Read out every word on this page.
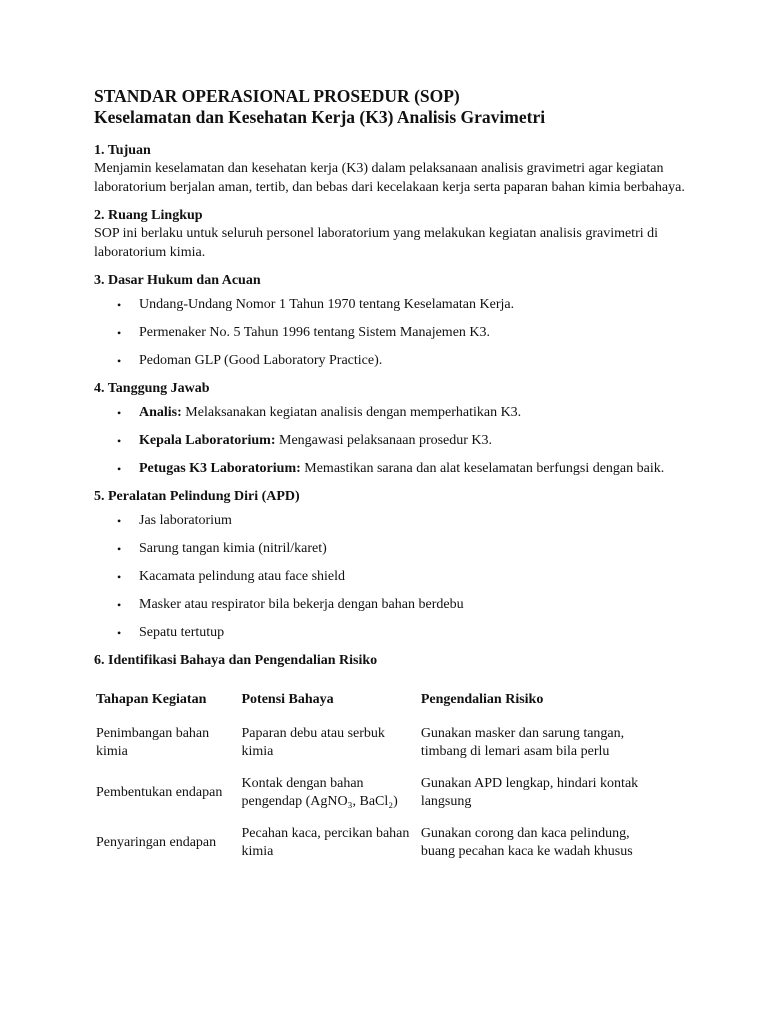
STANDAR OPERASIONAL PROSEDUR (SOP)
Keselamatan dan Kesehatan Kerja (K3) Analisis Gravimetri
1. Tujuan

Menjamin keselamatan dan kesehatan kerja (K3) dalam pelaksanaan analisis gravimetri agar kegiatan laboratorium berjalan aman, tertib, dan bebas dari kecelakaan kerja serta paparan bahan kimia berbahaya.

2. Ruang Lingkup

SOP ini berlaku untuk seluruh personel laboratorium yang melakukan kegiatan analisis gravimetri di laboratorium kimia.

3. Dasar Hukum dan Acuan
• Undang-Undang Nomor 1 Tahun 1970 tentang Keselamatan Kerja.
• Permenaker No. 5 Tahun 1996 tentang Sistem Manajemen K3.
• Pedoman GLP (Good Laboratory Practice).
4. Tanggung Jawab
• Analis: Melaksanakan kegiatan analisis dengan memperhatikan K3.
• Kepala Laboratorium: Mengawasi pelaksanaan prosedur K3.
• Petugas K3 Laboratorium: Memastikan sarana dan alat keselamatan berfungsi dengan baik.
5. Peralatan Pelindung Diri (APD)
• Jas laboratorium
• Sarung tangan kimia (nitril/karet)
• Kacamata pelindung atau face shield
• Masker atau respirator bila bekerja dengan bahan berdebu
• Sepatu tertutup
6. Identifikasi Bahaya dan Pengendalian Risiko
Tahapan Kegiatan	Potensi Bahaya	Pengendalian Risiko
Penimbangan bahan kimia	Paparan debu atau serbuk kimia	Gunakan masker dan sarung tangan, timbang di lemari asam bila perlu
Pembentukan endapan	Kontak dengan bahan pengendap (AgNO₃, BaCl₂)	Gunakan APD lengkap, hindari kontak langsung
Penyaringan endapan	Pecahan kaca, percikan bahan kimia	Gunakan corong dan kaca pelindung, buang pecahan kaca ke wadah khusus
